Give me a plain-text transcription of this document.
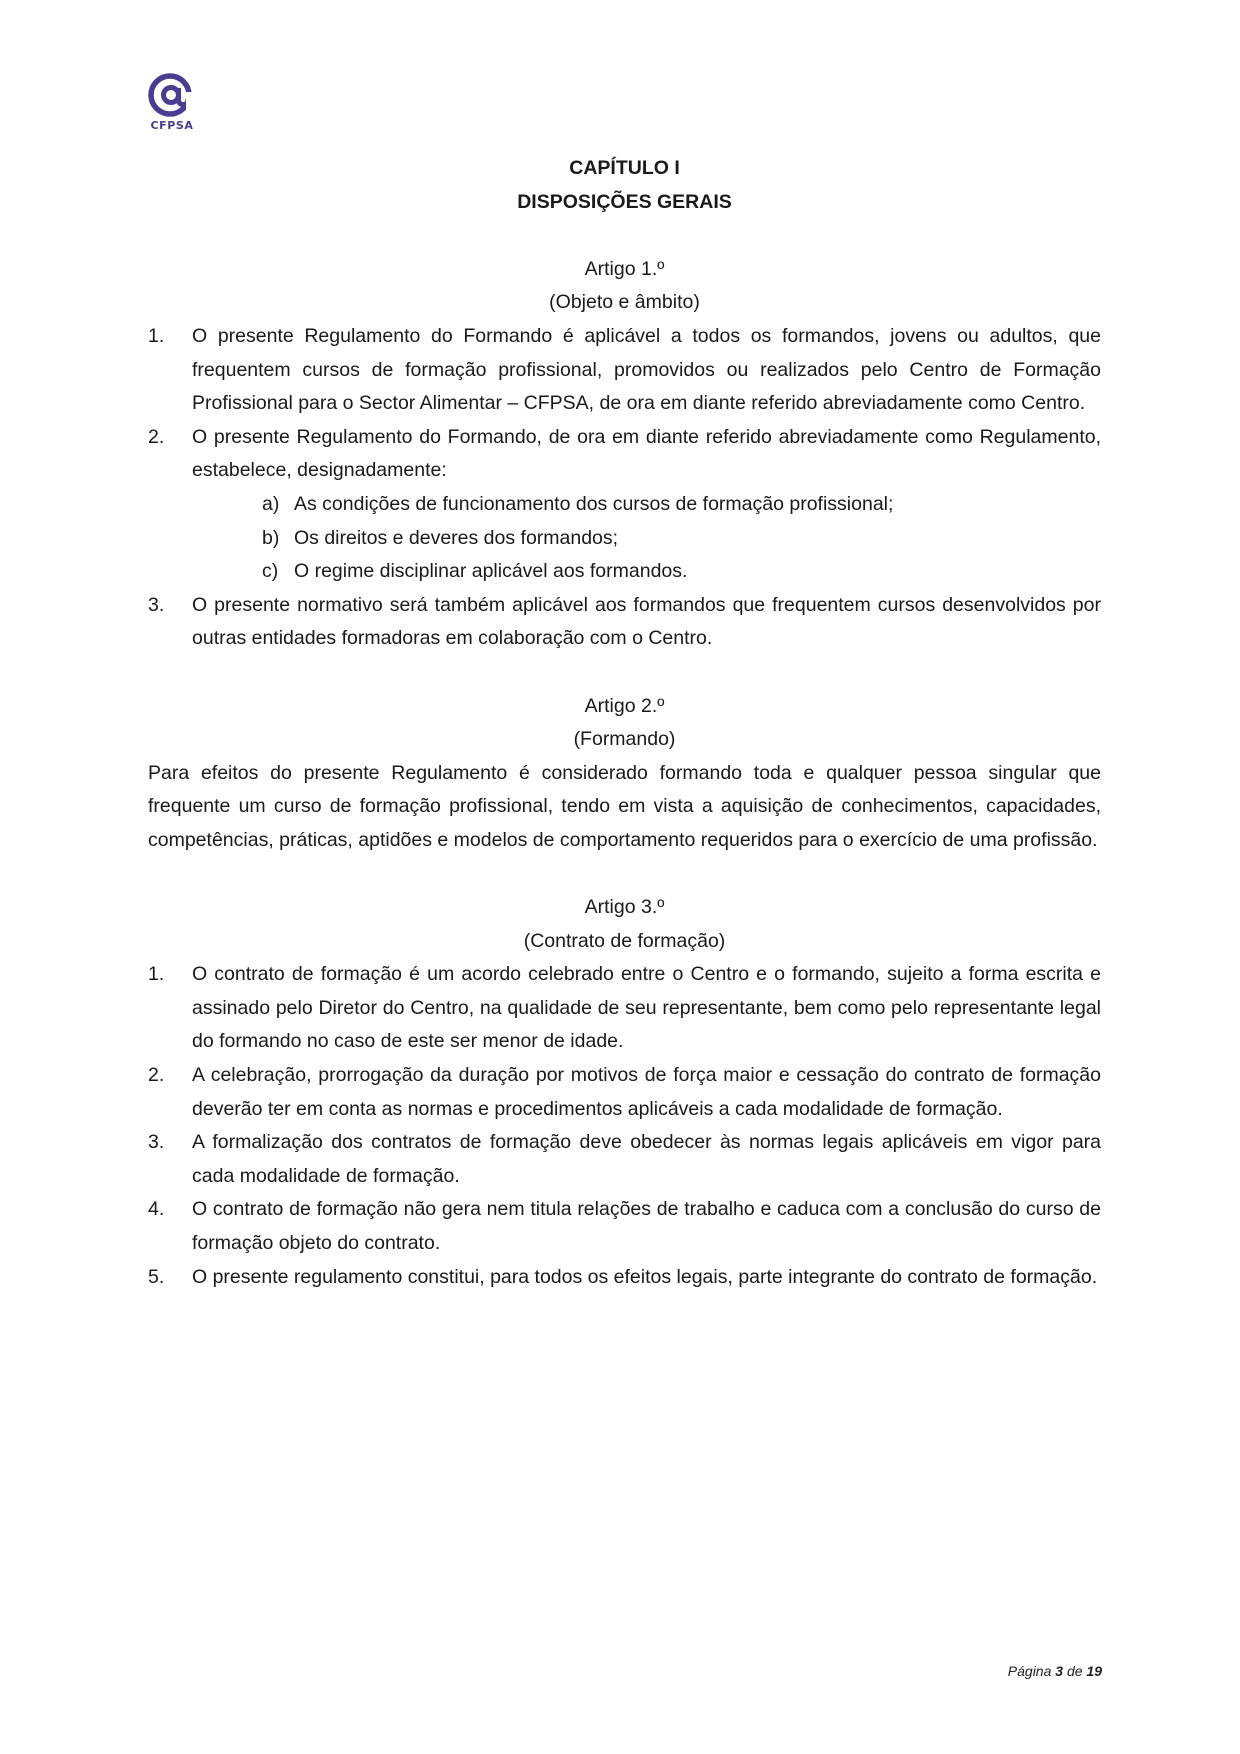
CFPSA
CAPÍTULO I
DISPOSIÇÕES GERAIS
Artigo 1.º
(Objeto e âmbito)
1. O presente Regulamento do Formando é aplicável a todos os formandos, jovens ou adultos, que frequentem cursos de formação profissional, promovidos ou realizados pelo Centro de Formação Profissional para o Sector Alimentar – CFPSA, de ora em diante referido abreviadamente como Centro.
2. O presente Regulamento do Formando, de ora em diante referido abreviadamente como Regulamento, estabelece, designadamente:
a) As condições de funcionamento dos cursos de formação profissional;
b) Os direitos e deveres dos formandos;
c) O regime disciplinar aplicável aos formandos.
3. O presente normativo será também aplicável aos formandos que frequentem cursos desenvolvidos por outras entidades formadoras em colaboração com o Centro.
Artigo 2.º
(Formando)
Para efeitos do presente Regulamento é considerado formando toda e qualquer pessoa singular que frequente um curso de formação profissional, tendo em vista a aquisição de conhecimentos, capacidades, competências, práticas, aptidões e modelos de comportamento requeridos para o exercício de uma profissão.
Artigo 3.º
(Contrato de formação)
1. O contrato de formação é um acordo celebrado entre o Centro e o formando, sujeito a forma escrita e assinado pelo Diretor do Centro, na qualidade de seu representante, bem como pelo representante legal do formando no caso de este ser menor de idade.
2. A celebração, prorrogação da duração por motivos de força maior e cessação do contrato de formação deverão ter em conta as normas e procedimentos aplicáveis a cada modalidade de formação.
3. A formalização dos contratos de formação deve obedecer às normas legais aplicáveis em vigor para cada modalidade de formação.
4. O contrato de formação não gera nem titula relações de trabalho e caduca com a conclusão do curso de formação objeto do contrato.
5. O presente regulamento constitui, para todos os efeitos legais, parte integrante do contrato de formação.
Página 3 de 19
